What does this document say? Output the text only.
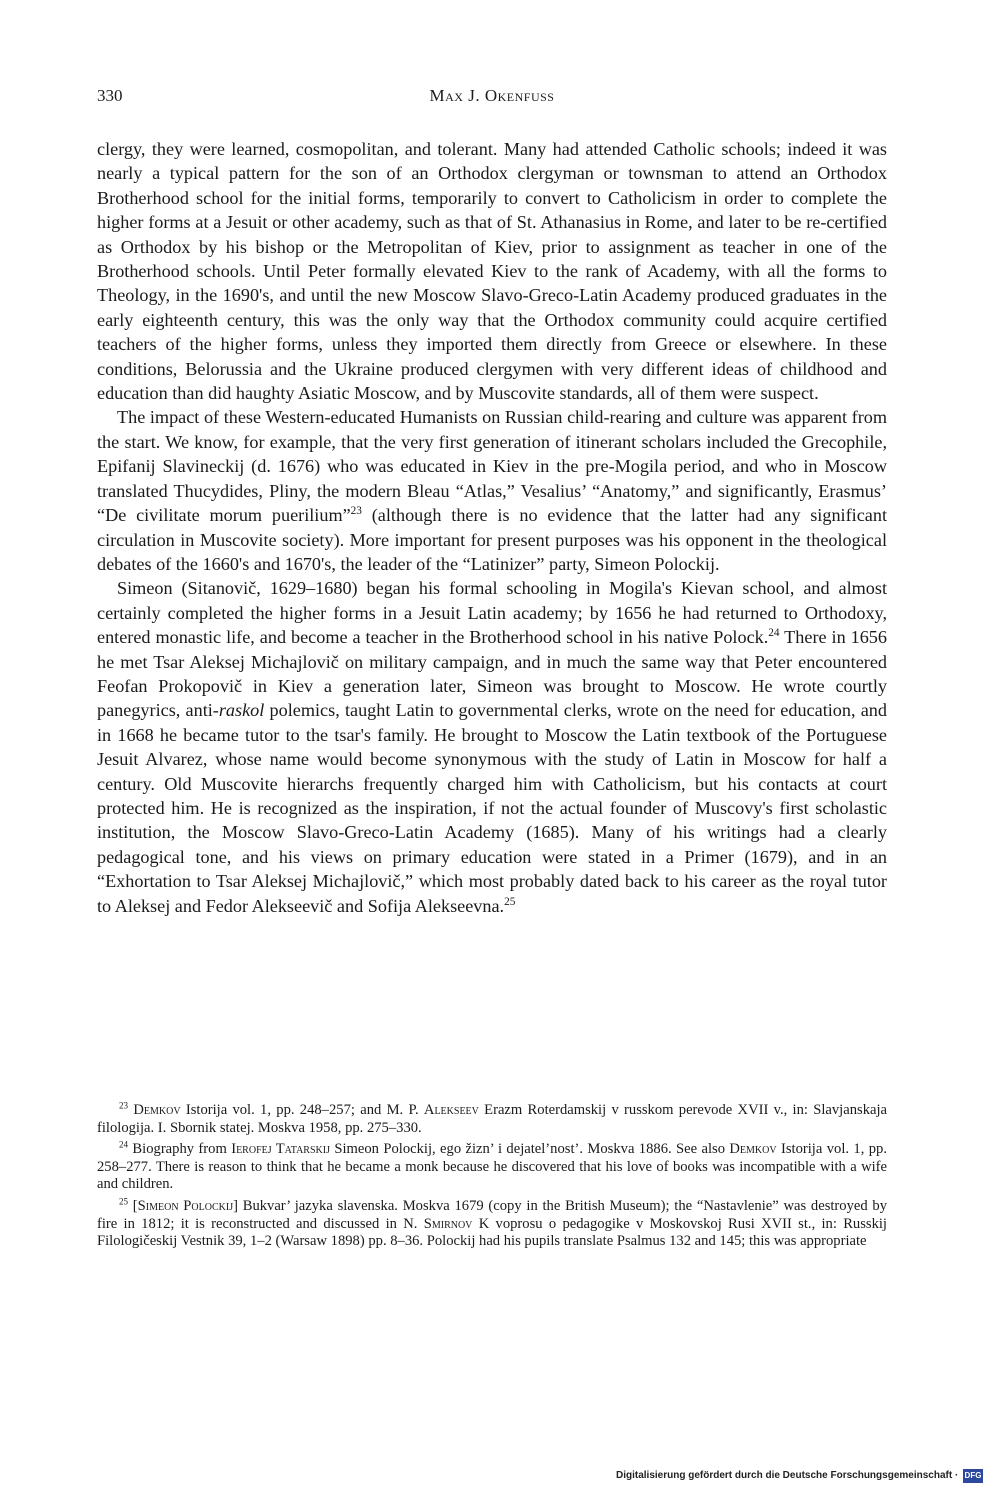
330	Max J. Okenfuss

clergy, they were learned, cosmopolitan, and tolerant. Many had attended Catholic schools; indeed it was nearly a typical pattern for the son of an Orthodox clergyman or townsman to attend an Orthodox Brotherhood school for the initial forms, temporarily to convert to Catholicism in order to complete the higher forms at a Jesuit or other academy, such as that of St. Athanasius in Rome, and later to be re-certified as Orthodox by his bishop or the Metropolitan of Kiev, prior to assignment as teacher in one of the Brotherhood schools. Until Peter formally elevated Kiev to the rank of Academy, with all the forms to Theology, in the 1690's, and until the new Moscow Slavo-Greco-Latin Academy produced graduates in the early eighteenth century, this was the only way that the Orthodox community could acquire certified teachers of the higher forms, unless they imported them directly from Greece or elsewhere. In these conditions, Belorussia and the Ukraine produced clergymen with very different ideas of childhood and education than did haughty Asiatic Moscow, and by Muscovite standards, all of them were suspect.

The impact of these Western-educated Humanists on Russian child-rearing and culture was apparent from the start. We know, for example, that the very first generation of itinerant scholars included the Grecophile, Epifanij Slavineckij (d. 1676) who was educated in Kiev in the pre-Mogila period, and who in Moscow translated Thucydides, Pliny, the modern Bleau “Atlas,” Vesalius’ “Anatomy,” and significantly, Erasmus’ “De civilitate morum puerilium”$^{23}$ (although there is no evidence that the latter had any significant circulation in Muscovite society). More important for present purposes was his opponent in the theological debates of the 1660's and 1670's, the leader of the “Latinizer” party, Simeon Polockij.

Simeon (Sitanovič, 1629–1680) began his formal schooling in Mogila's Kievan school, and almost certainly completed the higher forms in a Jesuit Latin academy; by 1656 he had returned to Orthodoxy, entered monastic life, and become a teacher in the Brotherhood school in his native Polock.$^{24}$ There in 1656 he met Tsar Aleksej Michajlovič on military campaign, and in much the same way that Peter encountered Feofan Prokopovič in Kiev a generation later, Simeon was brought to Moscow. He wrote courtly panegyrics, anti-raskol polemics, taught Latin to governmental clerks, wrote on the need for education, and in 1668 he became tutor to the tsar's family. He brought to Moscow the Latin textbook of the Portuguese Jesuit Alvarez, whose name would become synonymous with the study of Latin in Moscow for half a century. Old Muscovite hierarchs frequently charged him with Catholicism, but his contacts at court protected him. He is recognized as the inspiration, if not the actual founder of Muscovy's first scholastic institution, the Moscow Slavo-Greco-Latin Academy (1685). Many of his writings had a clearly pedagogical tone, and his views on primary education were stated in a Primer (1679), and in an “Exhortation to Tsar Aleksej Michajlovič,” which most probably dated back to his career as the royal tutor to Aleksej and Fedor Alekseevič and Sofija Alekseevna.$^{25}$

$^{23}$ Demkov Istorija vol. 1, pp. 248–257; and M. P. Alekseev Erazm Roterdamskij v russkom perevode XVII v., in: Slavjanskaja filologija. I. Sbornik statej. Moskva 1958, pp. 275–330.

$^{24}$ Biography from Ierofej Tatarskij Simeon Polockij, ego žizn’ i dejatel’nost’. Moskva 1886. See also Demkov Istorija vol. 1, pp. 258–277. There is reason to think that he became a monk because he discovered that his love of books was incompatible with a wife and children.

$^{25}$ [Simeon Polockij] Bukvar’ jazyka slavenska. Moskva 1679 (copy in the British Museum); the “Nastavlenie” was destroyed by fire in 1812; it is reconstructed and discussed in N. Smirnov K voprosu o pedagogike v Moskovskoj Rusi XVII st., in: Russkij Filologičeskij Vestnik 39, 1–2 (Warsaw 1898) pp. 8–36. Polockij had his pupils translate Psalmus 132 and 145; this was appropriate

Digitalisierung gefördert durch die Deutsche Forschungsgemeinschaft · DFG
